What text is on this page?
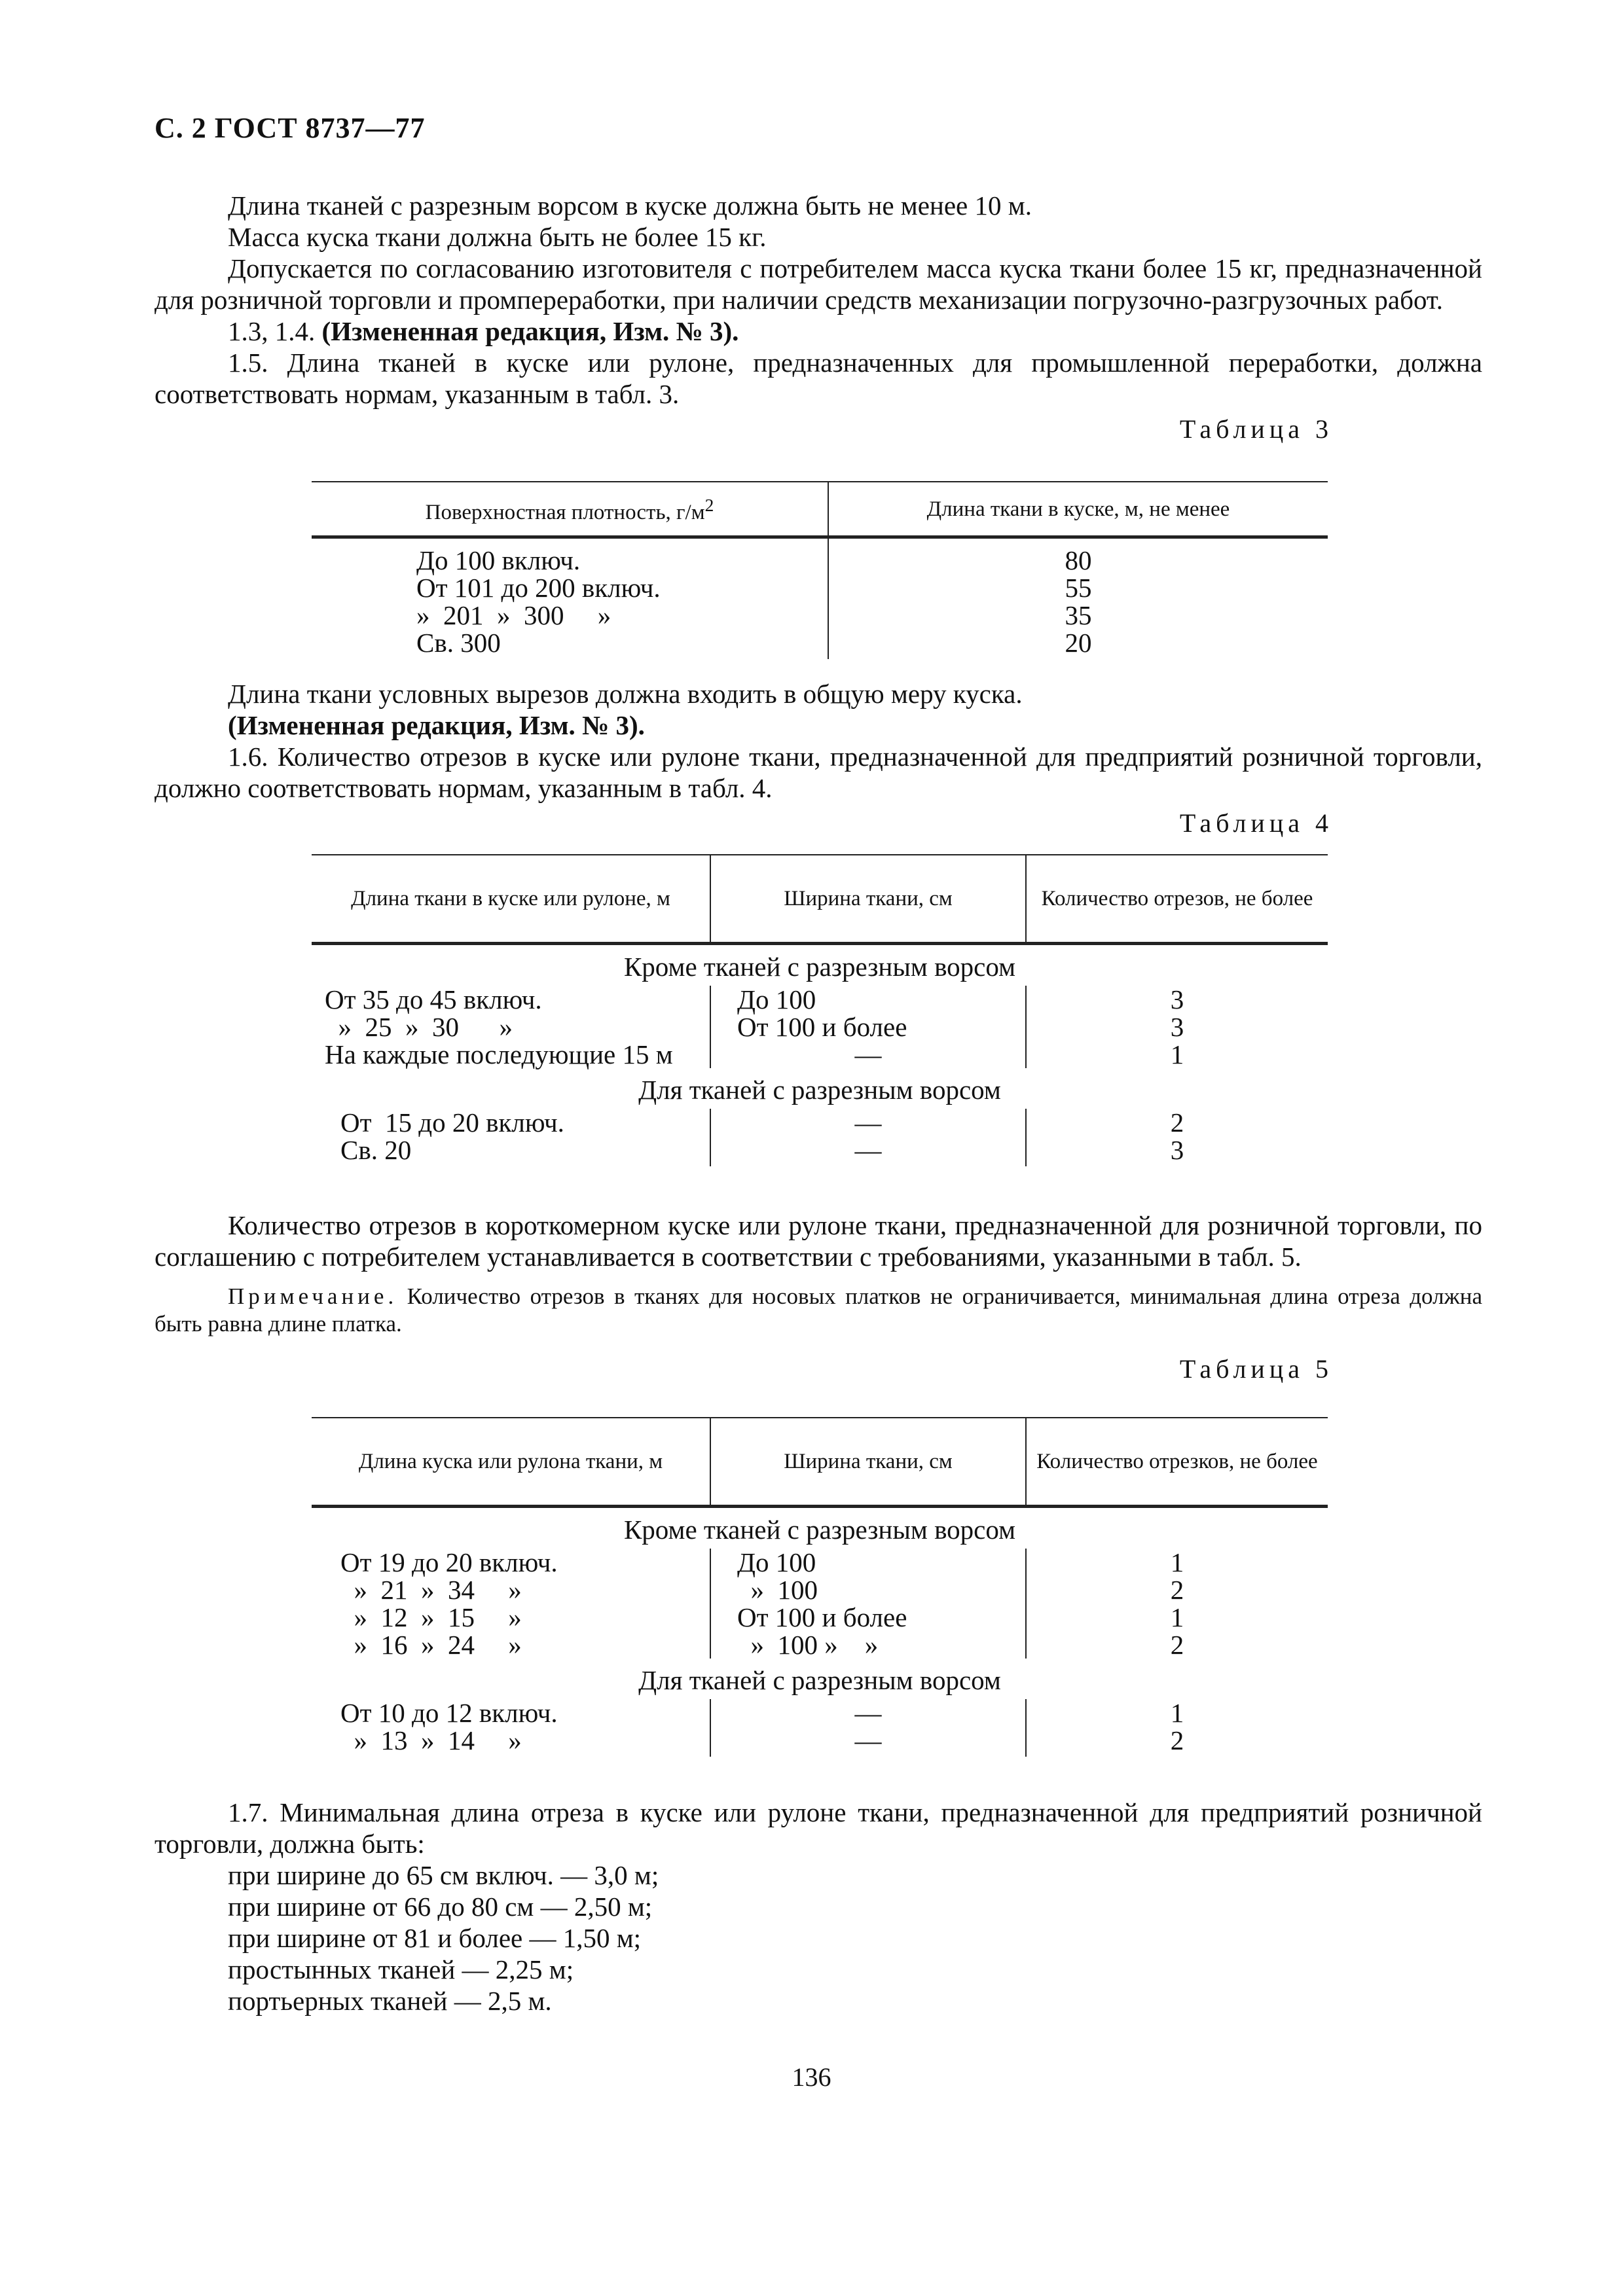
С. 2 ГОСТ 8737—77

Длина тканей с разрезным ворсом в куске должна быть не менее 10 м.

Масса куска ткани должна быть не более 15 кг.

Допускается по согласованию изготовителя с потребителем масса куска ткани более 15 кг, предназначенной для розничной торговли и промпереработки, при наличии средств механизации погрузочно-разгрузочных работ.

1.3, 1.4. (Измененная редакция, Изм. № 3).

1.5. Длина тканей в куске или рулоне, предназначенных для промышленной переработки, должна соответствовать нормам, указанным в табл. 3.

Таблица 3

Поверхностная плотность, $г/м^2$	Длина ткани в куске, м, не менее
До 100 включ.	80
От 101 до 200 включ.	55
»  201  »  300     »	35
Св. 300	20

Длина ткани условных вырезов должна входить в общую меру куска.

(Измененная редакция, Изм. № 3).

1.6. Количество отрезов в куске или рулоне ткани, предназначенной для предприятий розничной торговли, должно соответствовать нормам, указанным в табл. 4.

Таблица 4

Длина ткани в куске или рулоне, м	Ширина ткани, см	Количество отрезов, не более
Кроме тканей с разрезным ворсом		
От 35 до 45 включ.	До 100	3
»  25  »  30      »	От 100 и более	3
На каждые последующие 15 м	—	1
Для тканей с разрезным ворсом		
От  15 до 20 включ.	—	2
Св. 20	—	3

Количество отрезов в короткомерном куске или рулоне ткани, предназначенной для розничной торговли, по соглашению с потребителем устанавливается в соответствии с требованиями, указанными в табл. 5.

Примечание. Количество отрезов в тканях для носовых платков не ограничивается, минимальная длина отреза должна быть равна длине платка.

Таблица 5

Длина куска или рулона ткани, м	Ширина ткани, см	Количество отрезков, не более
Кроме тканей с разрезным ворсом		
От 19 до 20 включ.	До 100	1
»  21  »  34     »	»  100	2
»  12  »  15     »	От 100 и более	1
»  16  »  24     »	»  100 »    »	2
Для тканей с разрезным ворсом		
От 10 до 12 включ.	—	1
»  13  »  14     »	—	2

1.7. Минимальная длина отреза в куске или рулоне ткани, предназначенной для предприятий розничной торговли, должна быть:

при ширине до 65 см включ. — 3,0 м;

при ширине от 66 до 80 см — 2,50 м;

при ширине от 81 и более — 1,50 м;

простынных тканей — 2,25 м;

портьерных тканей — 2,5 м.

136
